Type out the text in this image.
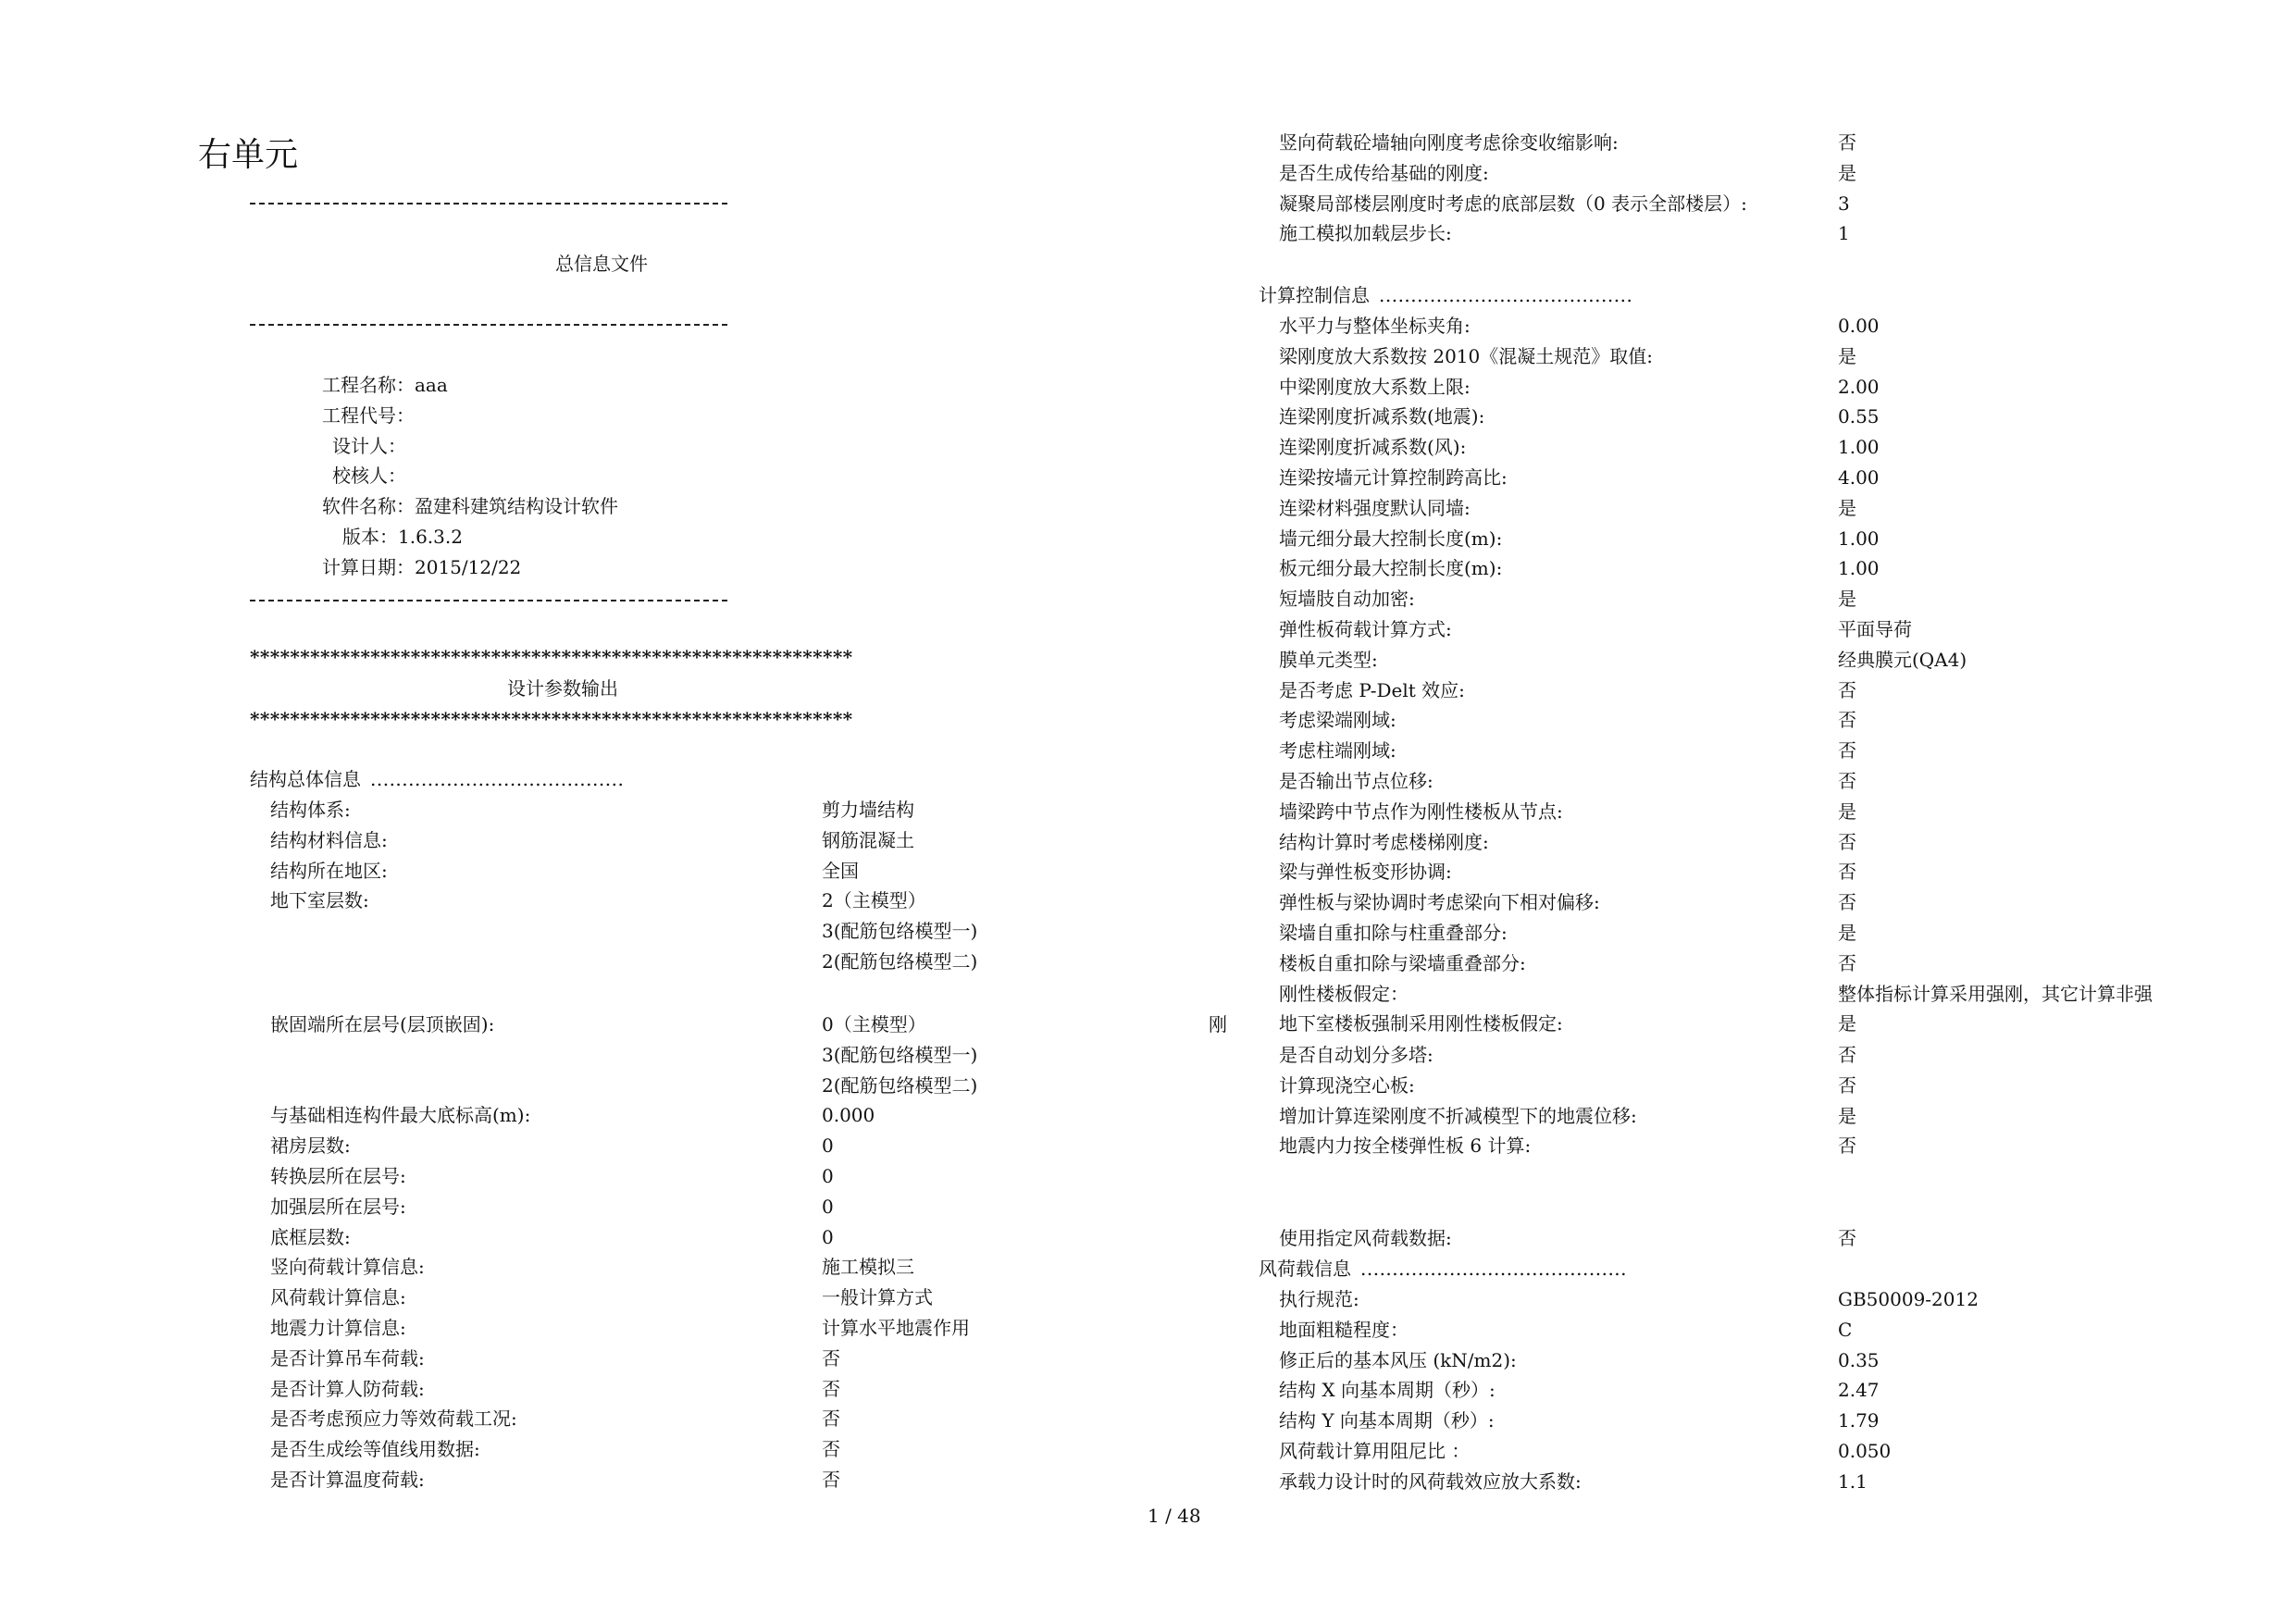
右单元
总信息文件
工程名称：aaa
工程代号：
设计人：
校核人：
软件名称：盈建科建筑结构设计软件
版本：1.6.3.2
计算日期：2015/12/22
************************************************************
设计参数输出
************************************************************
结构总体信息 ........................................
结构体系:	剪力墙结构
结构材料信息:	钢筋混凝土
结构所在地区:	全国
地下室层数:	2（主模型）
3(配筋包络模型一)
2(配筋包络模型二)
嵌固端所在层号(层顶嵌固):	0（主模型）
3(配筋包络模型一)
2(配筋包络模型二)
与基础相连构件最大底标高(m):	0.000
裙房层数:	0
转换层所在层号:	0
加强层所在层号:	0
底框层数:	0
竖向荷载计算信息:	施工模拟三
风荷载计算信息:	一般计算方式
地震力计算信息:	计算水平地震作用
是否计算吊车荷载:	否
是否计算人防荷载:	否
是否考虑预应力等效荷载工况:	否
是否生成绘等值线用数据:	否
是否计算温度荷载:	否
刚
竖向荷载砼墙轴向刚度考虑徐变收缩影响:	否
是否生成传给基础的刚度:	是
凝聚局部楼层刚度时考虑的底部层数（0 表示全部楼层）:	3
施工模拟加载层步长:	1
计算控制信息 ........................................
水平力与整体坐标夹角:	0.00
梁刚度放大系数按 2010《混凝土规范》取值:	是
中梁刚度放大系数上限:	2.00
连梁刚度折减系数(地震):	0.55
连梁刚度折减系数(风):	1.00
连梁按墙元计算控制跨高比:	4.00
连梁材料强度默认同墙:	是
墙元细分最大控制长度(m):	1.00
板元细分最大控制长度(m):	1.00
短墙肢自动加密:	是
弹性板荷载计算方式:	平面导荷
膜单元类型:	经典膜元(QA4)
是否考虑 P-Delt 效应:	否
考虑梁端刚域:	否
考虑柱端刚域:	否
是否输出节点位移:	否
墙梁跨中节点作为刚性楼板从节点:	是
结构计算时考虑楼梯刚度:	否
梁与弹性板变形协调:	否
弹性板与梁协调时考虑梁向下相对偏移:	否
梁墙自重扣除与柱重叠部分:	是
楼板自重扣除与梁墙重叠部分:	否
刚性楼板假定：	整体指标计算采用强刚，其它计算非强
地下室楼板强制采用刚性楼板假定:	是
是否自动划分多塔:	否
计算现浇空心板:	否
增加计算连梁刚度不折减模型下的地震位移:	是
地震内力按全楼弹性板 6 计算:	否
使用指定风荷载数据:	否
风荷载信息 ..........................................
执行规范:	GB50009-2012
地面粗糙程度：	C
修正后的基本风压 (kN/m2):	0.35
结构 X 向基本周期（秒）:	2.47
结构 Y 向基本周期（秒）:	1.79
风荷载计算用阻尼比 ：	0.050
承载力设计时的风荷载效应放大系数:	1.1
1 / 48
